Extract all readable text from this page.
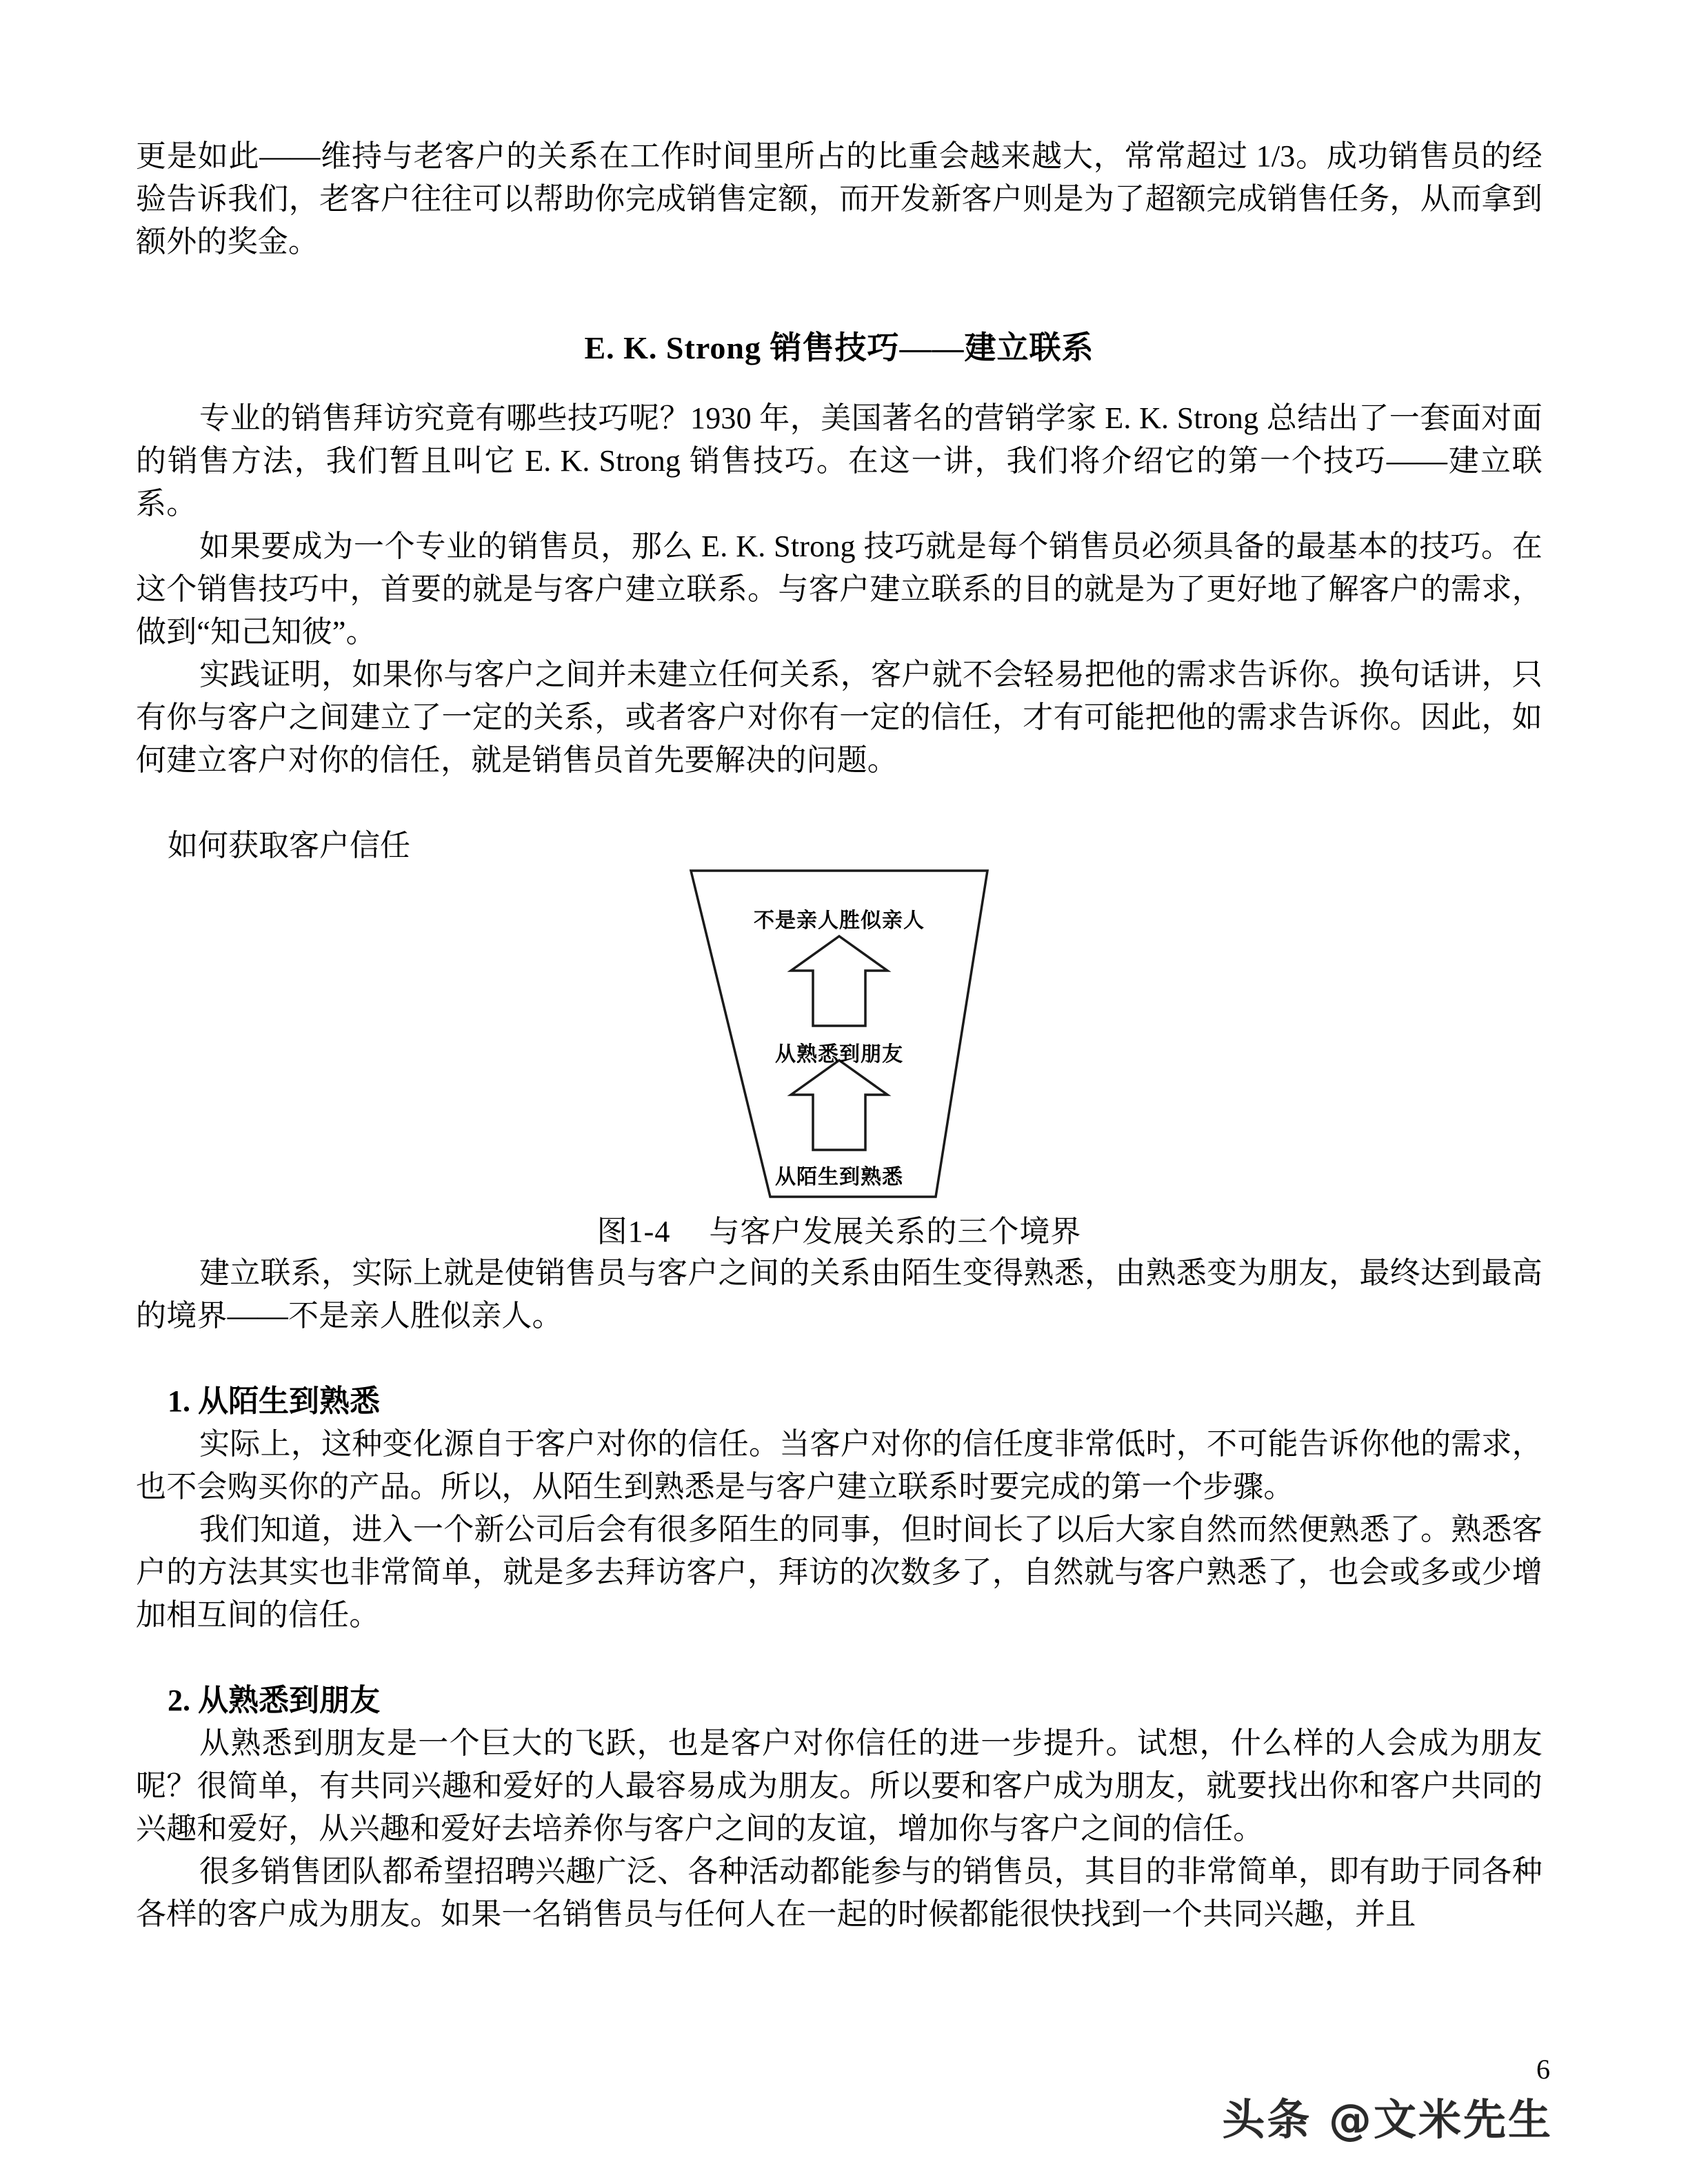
更是如此——维持与老客户的关系在工作时间里所占的比重会越来越大，常常超过 1/3。成功销售员的经验告诉我们，老客户往往可以帮助你完成销售定额，而开发新客户则是为了超额完成销售任务，从而拿到额外的奖金。

E. K. Strong 销售技巧——建立联系

专业的销售拜访究竟有哪些技巧呢？1930 年，美国著名的营销学家 E. K. Strong 总结出了一套面对面的销售方法，我们暂且叫它 E. K. Strong 销售技巧。在这一讲，我们将介绍它的第一个技巧——建立联系。

如果要成为一个专业的销售员，那么 E. K. Strong 技巧就是每个销售员必须具备的最基本的技巧。在这个销售技巧中，首要的就是与客户建立联系。与客户建立联系的目的就是为了更好地了解客户的需求，做到“知己知彼”。

实践证明，如果你与客户之间并未建立任何关系，客户就不会轻易把他的需求告诉你。换句话讲，只有你与客户之间建立了一定的关系，或者客户对你有一定的信任，才有可能把他的需求告诉你。因此，如何建立客户对你的信任，就是销售员首先要解决的问题。

如何获取客户信任

不是亲人胜似亲人
从熟悉到朋友
从陌生到熟悉

图1-4 与客户发展关系的三个境界

建立联系，实际上就是使销售员与客户之间的关系由陌生变得熟悉，由熟悉变为朋友，最终达到最高的境界——不是亲人胜似亲人。

1. 从陌生到熟悉

实际上，这种变化源自于客户对你的信任。当客户对你的信任度非常低时，不可能告诉你他的需求，也不会购买你的产品。所以，从陌生到熟悉是与客户建立联系时要完成的第一个步骤。

我们知道，进入一个新公司后会有很多陌生的同事，但时间长了以后大家自然而然便熟悉了。熟悉客户的方法其实也非常简单，就是多去拜访客户，拜访的次数多了，自然就与客户熟悉了，也会或多或少增加相互间的信任。

2. 从熟悉到朋友

从熟悉到朋友是一个巨大的飞跃，也是客户对你信任的进一步提升。试想，什么样的人会成为朋友呢？很简单，有共同兴趣和爱好的人最容易成为朋友。所以要和客户成为朋友，就要找出你和客户共同的兴趣和爱好，从兴趣和爱好去培养你与客户之间的友谊，增加你与客户之间的信任。

很多销售团队都希望招聘兴趣广泛、各种活动都能参与的销售员，其目的非常简单，即有助于同各种各样的客户成为朋友。如果一名销售员与任何人在一起的时候都能很快找到一个共同兴趣，并且

6
头条 @文米先生
